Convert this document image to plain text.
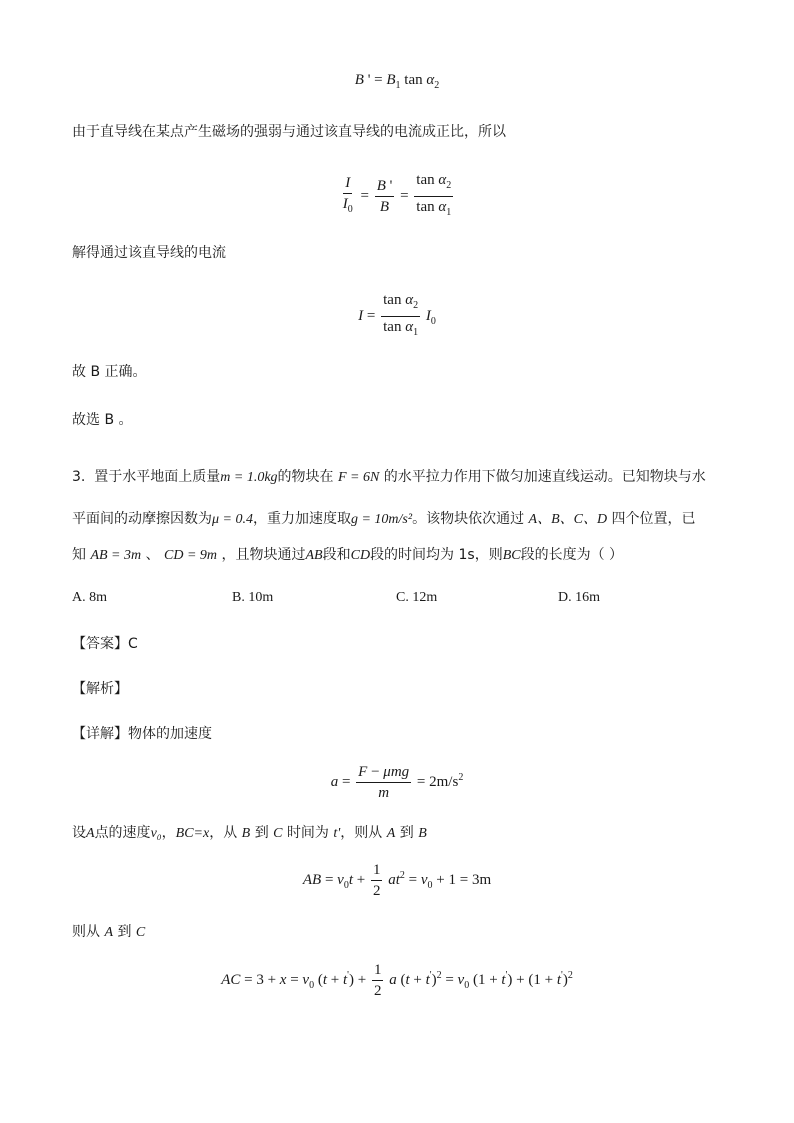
B ' = $B_1$ $\tan \alpha_2$
由于直导线在某点产生磁场的强弱与通过该直导线的电流成正比，所以
$\frac{I}{I_0} = \frac{B '}{B} = \frac{\tan \alpha_2}{\tan \alpha_1}$
解得通过该直导线的电流
$I = \frac{\tan \alpha_2}{\tan \alpha_1} I_0$
故 B 正确。
故选 B 。
3. 置于水平地面上质量m = 1.0kg的物块在 F = 6N 的水平拉力作用下做匀加速直线运动。已知物块与水
平面间的动摩擦因数为μ = 0.4，重力加速度取g = 10m/s²。该物块依次通过 A、B、C、D 四个位置，已
知 AB = 3m 、 CD = 9m ，且物块通过AB段和CD段的时间均为 1s，则BC段的长度为（ ）
A. 8m	B. 10m	C. 12m	D. 16m
【答案】C
【解析】
【详解】物体的加速度
$a = \frac{\text{F − μmg}}{m} = 2m/s^2$
设A点的速度v₀，BC=x，从 B 到 C 时间为 t'，则从 A 到 B
AB = $v_0t + \frac{1}{2} at^2 = v_0 + 1 = 3m$
则从 A 到 C
AC = $3 + x = v_0$ $(t + t') + \frac{1}{2}$ a $(t + t')^2 = v_0$ $(1 + t') + (1 + t')^2$
